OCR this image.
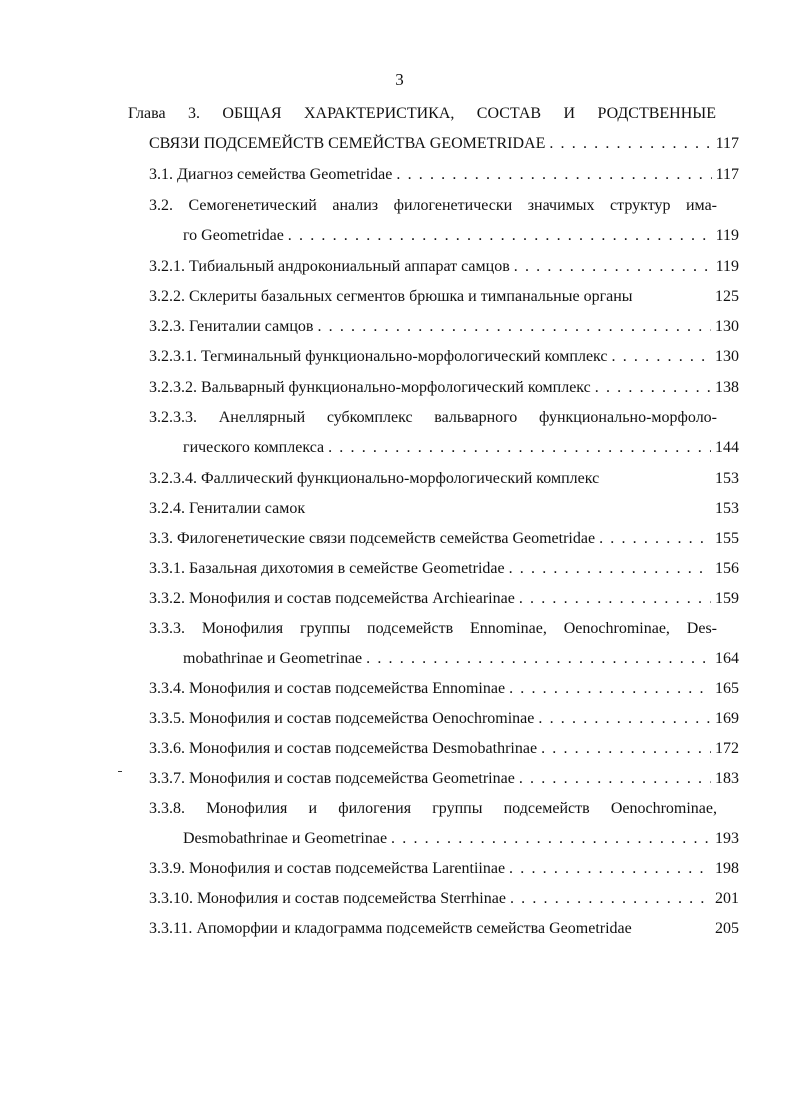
3
Глава 3. ОБЩАЯ ХАРАКТЕРИСТИКА, СОСТАВ И РОДСТВЕННЫЕ
СВЯЗИ ПОДСЕМЕЙСТВ СЕМЕЙСТВА GEOMETRIDAE . . .	117
3.1. Диагноз семейства Geometridae . . .	117
3.2. Семогенетический анализ филогенетически значимых структур има-
го Geometridae . . .	119
3.2.1. Тибиальный андрокониальный аппарат самцов . . .	119
3.2.2. Склериты базальных сегментов брюшка и тимпанальные органы	125
3.2.3. Гениталии самцов . . .	130
3.2.3.1. Тегминальный функционально-морфологический комплекс . . .	130
3.2.3.2. Вальварный функционально-морфологический комплекс . . .	138
3.2.3.3. Анеллярный субкомплекс вальварного функционально-морфоло-
гического комплекса . . .	144
3.2.3.4. Фаллический функционально-морфологический комплекс	153
3.2.4. Гениталии самок	153
3.3. Филогенетические связи подсемейств семейства Geometridae . . .	155
3.3.1. Базальная дихотомия в семействе Geometridae . . .	156
3.3.2. Монофилия и состав подсемейства Archiearinae . . .	159
3.3.3. Монофилия группы подсемейств Ennominae, Oenochrominae, Des-
mobathrinae и Geometrinae . . .	164
3.3.4. Монофилия и состав подсемейства Ennominae . . .	165
3.3.5. Монофилия и состав подсемейства Oenochrominae . . .	169
3.3.6. Монофилия и состав подсемейства Desmobathrinae . . .	172
3.3.7. Монофилия и состав подсемейства Geometrinae . . .	183
3.3.8. Монофилия и филогения группы подсемейств Oenochrominae,
Desmobathrinae и Geometrinae . . .	193
3.3.9. Монофилия и состав подсемейства Larentiinae . . .	198
3.3.10. Монофилия и состав подсемейства Sterrhinae . . .	201
3.3.11. Апоморфии и кладограмма подсемейств семейства Geometridae	205
